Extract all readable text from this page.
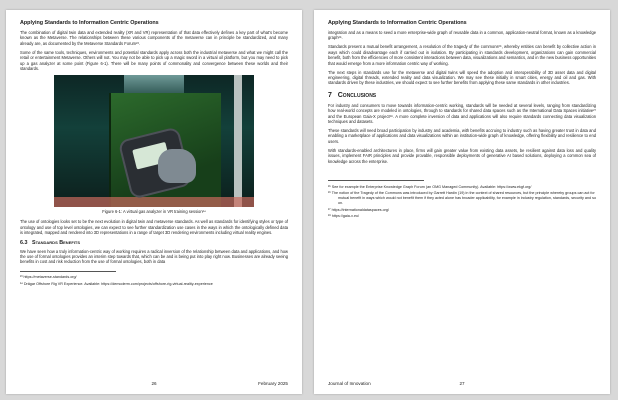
Applying Standards to Information Centric Operations

The combination of digital twin data and extended reality (XR and VR) representation of that data effectively defines a key part of what's become known as the Metaverse. The relationships between these various components of the metaverse can in principle be standardized, and many already are, as documented by the Metaverse Standards Forum²³.

Some of the same tools, techniques, environments and potential standards apply across both the industrial metaverse and what we might call the retail or entertainment Metaverse. Others will not. You may not be able to pick up a magic sword in a virtual oil platform, but you may need to pick up a gas analyzer at some point (Figure 6-1). There will be many points of commonality and convergence between these worlds and their standards.

Figure 6-1: A virtual gas analyzer in VR training session²⁴

The use of ontologies looks set to be the next evolution in digital twin and metaverse standards. As well as standards for identifying styles or type of ontology and use of top level ontologies, we can expect to see further standardization use cases in the ways in which the ontologically defined data is integrated, mapped and rendered into 3D representations in a range of target 3D rendering environments including virtual reality engines.

6.3 Standards Benefits

We have seen how a truly information-centric way of working requires a radical inversion of the relationship between data and applications, and how the use of formal ontologies provides an interim step towards that, which can be and is being put into play right now. Businesses are already seeing benefits in cost and risk reduction from the use of formal ontologies, both in data

²³ https://metaverse-standards.org/
²⁴ Drägar Offshore Rig VR Experience. Available: https://demoderm.com/projects/offshore-rig-virtual-reality-experience
26	February 2025
Applying Standards to Information Centric Operations

integration and as a means to seed a more enterprise-wide graph of reusable data in a common, application-neutral format, known as a knowledge graph²⁵.

Standards present a mutual benefit arrangement, a resolution of the tragedy of the commons²⁶, whereby entities can benefit by collective action in ways which could disadvantage each if carried out in isolation. By participating in standards development, organizations can gain commercial benefit, both from the efficiencies of more consistent interactions between data, visualizations and semantics, and in the new business opportunities that would emerge from a more information centric way of working.

The next steps in standards use for the metaverse and digital twins will speed the adoption and interoperability of 3D asset data and digital engineering, digital threads, extended reality and data visualization. We may see these initially in smart cities, energy and oil and gas. With standards driven by these industries, we should expect to see further benefits from applying these same standards in other industries.

7 Conclusions

For industry and consumers to move towards information-centric working, standards will be needed at several levels, ranging from standardizing how real-world concepts are modeled in ontologies, through to standards for shared data spaces such as the International Data Spaces initiative²⁷ and the European Gaia-X project²⁸. A more complete inversion of data and applications will also require standards connecting data visualization techniques and datasets.

These standards will need broad participation by industry and academia, with benefits accruing to industry such as having greater trust in data and enabling a marketplace of applications and data visualizations within an institution-wide graph of knowledge, offering flexibility and resilience to end users.

With standards-enabled architectures in place, firms will gain greater value from existing data assets, be resilient against data loss and quality issues, implement FAIR principles and provide provable, responsible deployments of generative AI based solutions, deploying a common sea of knowledge across the enterprise.

²⁵ See for example the Enterprise Knowledge Graph Forum (an OMG Managed Community). Available: https://www.ekgf.org/
²⁶ The notion of the Tragedy of the Commons was introduced by Garrett Hardin (19) in the context of shared resources, but the principle whereby groups can act for mutual benefit in ways which would not benefit them if they acted alone has broader applicability, for example in industry regulation, standards, security and so on.
²⁷ https://internationaldataspaces.org/
²⁸ https://gaia-x.eu/
Journal of Innovation	27
